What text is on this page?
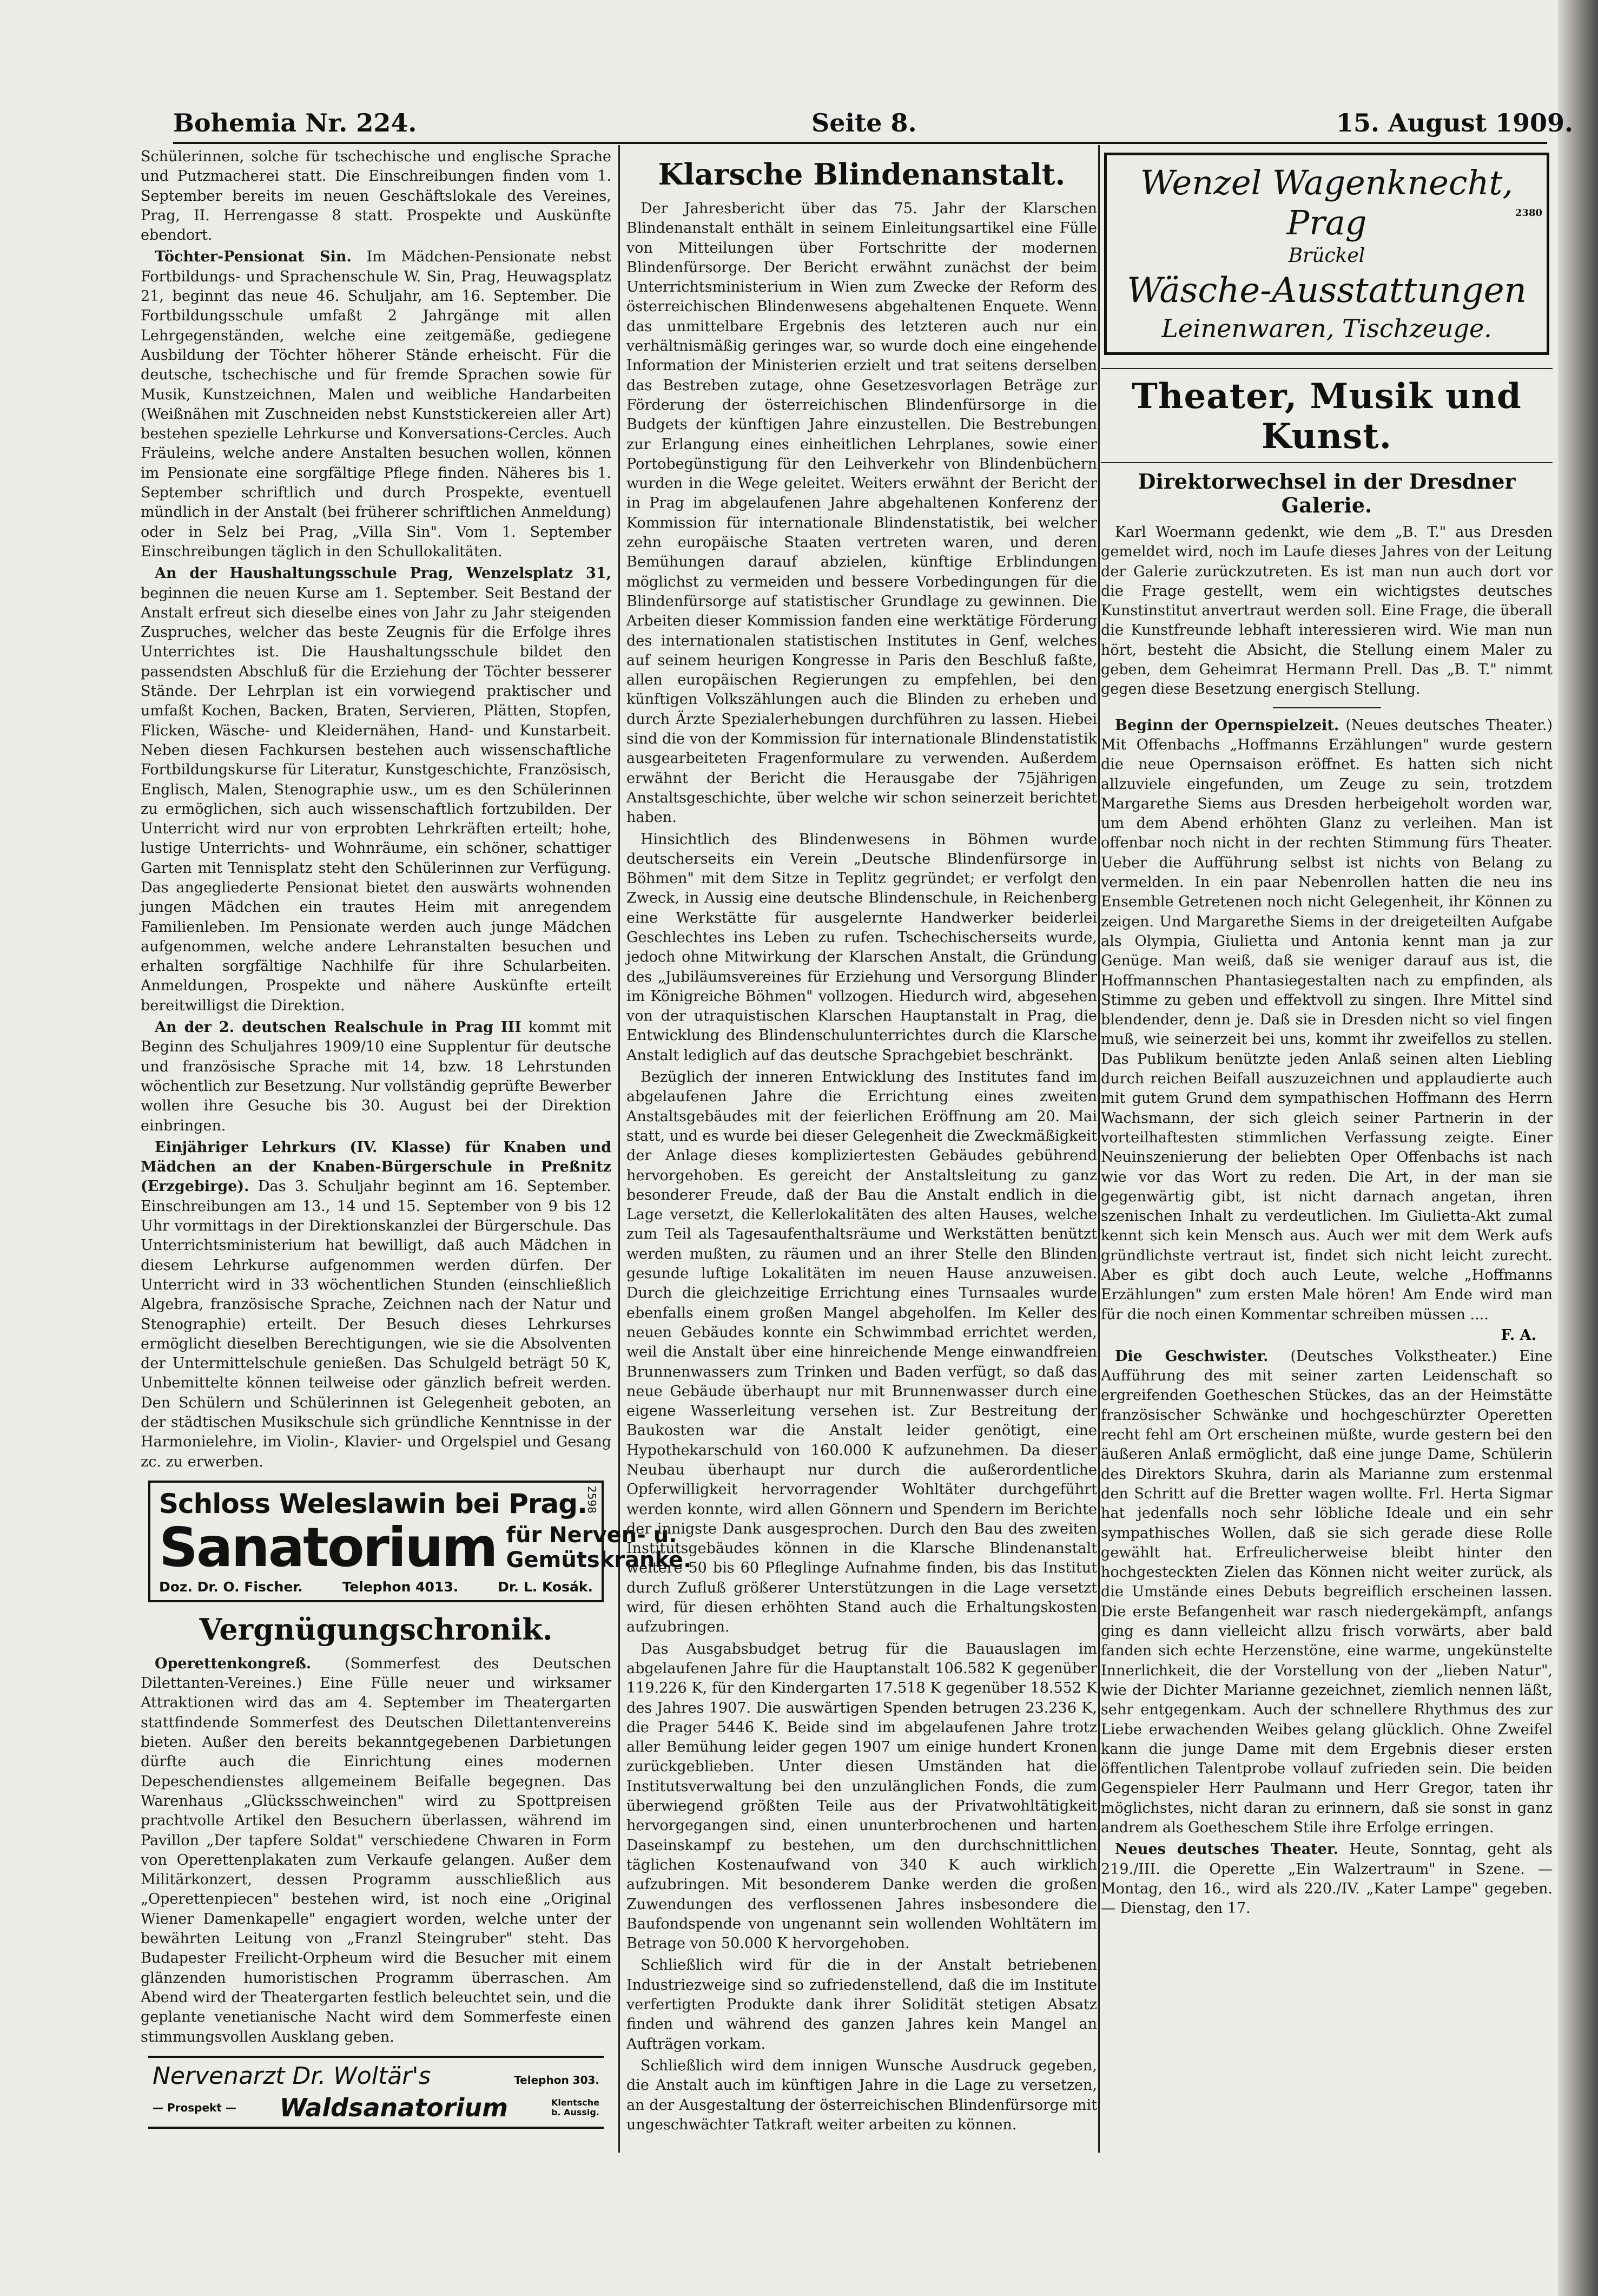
Bohemia Nr. 224.	Seite 8.	15. August 1909.

Schülerinnen, solche für tschechische und englische Sprache und Putzmacherei statt. Die Einschreibungen finden vom 1. September bereits im neuen Geschäftslokale des Vereines, Prag, II. Herrengasse 8 statt. Prospekte und Auskünfte ebendort.

Töchter-Pensionat Sin. Im Mädchen-Pensionate nebst Fortbildungs- und Sprachenschule W. Sin, Prag, Heuwagsplatz 21, beginnt das neue 46. Schuljahr, am 16. September. Die Fortbildungsschule umfaßt 2 Jahrgänge mit allen Lehrgegenständen, welche eine zeitgemäße, gediegene Ausbildung der Töchter höherer Stände erheischt. Für die deutsche, tschechische und für fremde Sprachen sowie für Musik, Kunstzeichnen, Malen und weibliche Handarbeiten (Weißnähen mit Zuschneiden nebst Kunststickereien aller Art) bestehen spezielle Lehrkurse und Konversations-Cercles. Auch Fräuleins, welche andere Anstalten besuchen wollen, können im Pensionate eine sorgfältige Pflege finden. Näheres bis 1. September schriftlich und durch Prospekte, eventuell mündlich in der Anstalt (bei früherer schriftlichen Anmeldung) oder in Selz bei Prag, „Villa Sin". Vom 1. September Einschreibungen täglich in den Schullokalitäten.

An der Haushaltungsschule Prag, Wenzelsplatz 31, beginnen die neuen Kurse am 1. September. Seit Bestand der Anstalt erfreut sich dieselbe eines von Jahr zu Jahr steigenden Zuspruches, welcher das beste Zeugnis für die Erfolge ihres Unterrichtes ist. Die Haushaltungsschule bildet den passendsten Abschluß für die Erziehung der Töchter besserer Stände. Der Lehrplan ist ein vorwiegend praktischer und umfaßt Kochen, Backen, Braten, Servieren, Plätten, Stopfen, Flicken, Wäsche- und Kleidernähen, Hand- und Kunstarbeit. Neben diesen Fachkursen bestehen auch wissenschaftliche Fortbildungskurse für Literatur, Kunstgeschichte, Französisch, Englisch, Malen, Stenographie usw., um es den Schülerinnen zu ermöglichen, sich auch wissenschaftlich fortzubilden. Der Unterricht wird nur von erprobten Lehrkräften erteilt; hohe, lustige Unterrichts- und Wohnräume, ein schöner, schattiger Garten mit Tennisplatz steht den Schülerinnen zur Verfügung. Das angegliederte Pensionat bietet den auswärts wohnenden jungen Mädchen ein trautes Heim mit anregendem Familienleben. Im Pensionate werden auch junge Mädchen aufgenommen, welche andere Lehranstalten besuchen und erhalten sorgfältige Nachhilfe für ihre Schularbeiten. Anmeldungen, Prospekte und nähere Auskünfte erteilt bereitwilligst die Direktion.

An der 2. deutschen Realschule in Prag III kommt mit Beginn des Schuljahres 1909/10 eine Supplentur für deutsche und französische Sprache mit 14, bzw. 18 Lehrstunden wöchentlich zur Besetzung. Nur vollständig geprüfte Bewerber wollen ihre Gesuche bis 30. August bei der Direktion einbringen.

Einjähriger Lehrkurs (IV. Klasse) für Knaben und Mädchen an der Knaben-Bürgerschule in Preßnitz (Erzgebirge). Das 3. Schuljahr beginnt am 16. September. Einschreibungen am 13., 14 und 15. September von 9 bis 12 Uhr vormittags in der Direktionskanzlei der Bürgerschule. Das Unterrichtsministerium hat bewilligt, daß auch Mädchen in diesem Lehrkurse aufgenommen werden dürfen. Der Unterricht wird in 33 wöchentlichen Stunden (einschließlich Algebra, französische Sprache, Zeichnen nach der Natur und Stenographie) erteilt. Der Besuch dieses Lehrkurses ermöglicht dieselben Berechtigungen, wie sie die Absolventen der Untermittelschule genießen. Das Schulgeld beträgt 50 K, Unbemittelte können teilweise oder gänzlich befreit werden. Den Schülern und Schülerinnen ist Gelegenheit geboten, an der städtischen Musikschule sich gründliche Kenntnisse in der Harmonielehre, im Violin-, Klavier- und Orgelspiel und Gesang zc. zu erwerben.

Schloss Weleslawin bei Prag.
Sanatorium für Nerven- u.
Gemütskranke.
Doz. Dr. O. Fischer.	Telephon 4013.	Dr. L. Kosák.
2598
Vergnügungschronik.

Operettenkongreß. (Sommerfest des Deutschen Dilettanten-Vereines.) Eine Fülle neuer und wirksamer Attraktionen wird das am 4. September im Theatergarten stattfindende Sommerfest des Deutschen Dilettantenvereins bieten. Außer den bereits bekanntgegebenen Darbietungen dürfte auch die Einrichtung eines modernen Depeschendienstes allgemeinem Beifalle begegnen. Das Warenhaus „Glücksschweinchen" wird zu Spottpreisen prachtvolle Artikel den Besuchern überlassen, während im Pavillon „Der tapfere Soldat" verschiedene Chwaren in Form von Operettenplakaten zum Verkaufe gelangen. Außer dem Militärkonzert, dessen Programm ausschließlich aus „Operettenpiecen" bestehen wird, ist noch eine „Original Wiener Damenkapelle" engagiert worden, welche unter der bewährten Leitung von „Franzl Steingruber" steht. Das Budapester Freilicht-Orpheum wird die Besucher mit einem glänzenden humoristischen Programm überraschen. Am Abend wird der Theatergarten festlich beleuchtet sein, und die geplante venetianische Nacht wird dem Sommerfeste einen stimmungsvollen Ausklang geben.

Nervenarzt Dr. Woltär's	Telephon 303.
— Prospekt — Waldsanatorium	Klentsche
b. Aussig.
Klarsche Blindenanstalt.

Der Jahresbericht über das 75. Jahr der Klarschen Blindenanstalt enthält in seinem Einleitungsartikel eine Fülle von Mitteilungen über Fortschritte der modernen Blindenfürsorge. Der Bericht erwähnt zunächst der beim Unterrichtsministerium in Wien zum Zwecke der Reform des österreichischen Blindenwesens abgehaltenen Enquete. Wenn das unmittelbare Ergebnis des letzteren auch nur ein verhältnismäßig geringes war, so wurde doch eine eingehende Information der Ministerien erzielt und trat seitens derselben das Bestreben zutage, ohne Gesetzesvorlagen Beträge zur Förderung der österreichischen Blindenfürsorge in die Budgets der künftigen Jahre einzustellen. Die Bestrebungen zur Erlangung eines einheitlichen Lehrplanes, sowie einer Portobegünstigung für den Leihverkehr von Blindenbüchern wurden in die Wege geleitet. Weiters erwähnt der Bericht der in Prag im abgelaufenen Jahre abgehaltenen Konferenz der Kommission für internationale Blindenstatistik, bei welcher zehn europäische Staaten vertreten waren, und deren Bemühungen darauf abzielen, künftige Erblindungen möglichst zu vermeiden und bessere Vorbedingungen für die Blindenfürsorge auf statistischer Grundlage zu gewinnen. Die Arbeiten dieser Kommission fanden eine werktätige Förderung des internationalen statistischen Institutes in Genf, welches auf seinem heurigen Kongresse in Paris den Beschluß faßte, allen europäischen Regierungen zu empfehlen, bei den künftigen Volkszählungen auch die Blinden zu erheben und durch Ärzte Spezialerhebungen durchführen zu lassen. Hiebei sind die von der Kommission für internationale Blindenstatistik ausgearbeiteten Fragenformulare zu verwenden. Außerdem erwähnt der Bericht die Herausgabe der 75jährigen Anstaltsgeschichte, über welche wir schon seinerzeit berichtet haben.

Hinsichtlich des Blindenwesens in Böhmen wurde deutscherseits ein Verein „Deutsche Blindenfürsorge in Böhmen" mit dem Sitze in Teplitz gegründet; er verfolgt den Zweck, in Aussig eine deutsche Blindenschule, in Reichenberg eine Werkstätte für ausgelernte Handwerker beiderlei Geschlechtes ins Leben zu rufen. Tschechischerseits wurde, jedoch ohne Mitwirkung der Klarschen Anstalt, die Gründung des „Jubiläumsvereines für Erziehung und Versorgung Blinder im Königreiche Böhmen" vollzogen. Hiedurch wird, abgesehen von der utraquistischen Klarschen Hauptanstalt in Prag, die Entwicklung des Blindenschulunterrichtes durch die Klarsche Anstalt lediglich auf das deutsche Sprachgebiet beschränkt.

Bezüglich der inneren Entwicklung des Institutes fand im abgelaufenen Jahre die Errichtung eines zweiten Anstaltsgebäudes mit der feierlichen Eröffnung am 20. Mai statt, und es wurde bei dieser Gelegenheit die Zweckmäßigkeit der Anlage dieses kompliziertesten Gebäudes gebührend hervorgehoben. Es gereicht der Anstaltsleitung zu ganz besonderer Freude, daß der Bau die Anstalt endlich in die Lage versetzt, die Kellerlokalitäten des alten Hauses, welche zum Teil als Tagesaufenthaltsräume und Werkstätten benützt werden mußten, zu räumen und an ihrer Stelle den Blinden gesunde luftige Lokalitäten im neuen Hause anzuweisen. Durch die gleichzeitige Errichtung eines Turnsaales wurde ebenfalls einem großen Mangel abgeholfen. Im Keller des neuen Gebäudes konnte ein Schwimmbad errichtet werden, weil die Anstalt über eine hinreichende Menge einwandfreien Brunnenwassers zum Trinken und Baden verfügt, so daß das neue Gebäude überhaupt nur mit Brunnenwasser durch eine eigene Wasserleitung versehen ist. Zur Bestreitung der Baukosten war die Anstalt leider genötigt, eine Hypothekarschuld von 160.000 K aufzunehmen. Da dieser Neubau überhaupt nur durch die außerordentliche Opferwilligkeit hervorragender Wohltäter durchgeführt werden konnte, wird allen Gönnern und Spendern im Berichte der innigste Dank ausgesprochen. Durch den Bau des zweiten Institutsgebäudes können in die Klarsche Blindenanstalt weitere 50 bis 60 Pfleglinge Aufnahme finden, bis das Institut durch Zufluß größerer Unterstützungen in die Lage versetzt wird, für diesen erhöhten Stand auch die Erhaltungskosten aufzubringen.

Das Ausgabsbudget betrug für die Bauauslagen im abgelaufenen Jahre für die Hauptanstalt 106.582 K gegenüber 119.226 K, für den Kindergarten 17.518 K gegenüber 18.552 K des Jahres 1907. Die auswärtigen Spenden betrugen 23.236 K, die Prager 5446 K. Beide sind im abgelaufenen Jahre trotz aller Bemühung leider gegen 1907 um einige hundert Kronen zurückgeblieben. Unter diesen Umständen hat die Institutsverwaltung bei den unzulänglichen Fonds, die zum überwiegend größten Teile aus der Privatwohltätigkeit hervorgegangen sind, einen ununterbrochenen und harten Daseinskampf zu bestehen, um den durchschnittlichen täglichen Kostenaufwand von 340 K auch wirklich aufzubringen. Mit besonderem Danke werden die großen Zuwendungen des verflossenen Jahres insbesondere die Baufondspende von ungenannt sein wollenden Wohltätern im Betrage von 50.000 K hervorgehoben.

Schließlich wird für die in der Anstalt betriebenen Industriezweige sind so zufriedenstellend, daß die im Institute verfertigten Produkte dank ihrer Solidität stetigen Absatz finden und während des ganzen Jahres kein Mangel an Aufträgen vorkam.

Schließlich wird dem innigen Wunsche Ausdruck gegeben, die Anstalt auch im künftigen Jahre in die Lage zu versetzen, an der Ausgestaltung der österreichischen Blindenfürsorge mit ungeschwächter Tatkraft weiter arbeiten zu können.

Wenzel Wagenknecht, Prag
Brückel
Wäsche-Ausstattungen
Leinenwaren, Tischzeuge.
2380
Theater, Musik und Kunst.
Direktorwechsel in der Dresdner Galerie.

Karl Woermann gedenkt, wie dem „B. T." aus Dresden gemeldet wird, noch im Laufe dieses Jahres von der Leitung der Galerie zurückzutreten. Es ist man nun auch dort vor die Frage gestellt, wem ein wichtigstes deutsches Kunstinstitut anvertraut werden soll. Eine Frage, die überall die Kunstfreunde lebhaft interessieren wird. Wie man nun hört, besteht die Absicht, die Stellung einem Maler zu geben, dem Geheimrat Hermann Prell. Das „B. T." nimmt gegen diese Besetzung energisch Stellung.

Beginn der Opernspielzeit. (Neues deutsches Theater.) Mit Offenbachs „Hoffmanns Erzählungen" wurde gestern die neue Opernsaison eröffnet. Es hatten sich nicht allzuviele eingefunden, um Zeuge zu sein, trotzdem Margarethe Siems aus Dresden herbeigeholt worden war, um dem Abend erhöhten Glanz zu verleihen. Man ist offenbar noch nicht in der rechten Stimmung fürs Theater. Ueber die Aufführung selbst ist nichts von Belang zu vermelden. In ein paar Nebenrollen hatten die neu ins Ensemble Getretenen noch nicht Gelegenheit, ihr Können zu zeigen. Und Margarethe Siems in der dreigeteilten Aufgabe als Olympia, Giulietta und Antonia kennt man ja zur Genüge. Man weiß, daß sie weniger darauf aus ist, die Hoffmannschen Phantasiegestalten nach zu empfinden, als Stimme zu geben und effektvoll zu singen. Ihre Mittel sind blendender, denn je. Daß sie in Dresden nicht so viel fingen muß, wie seinerzeit bei uns, kommt ihr zweifellos zu stellen. Das Publikum benützte jeden Anlaß seinen alten Liebling durch reichen Beifall auszuzeichnen und applaudierte auch mit gutem Grund dem sympathischen Hoffmann des Herrn Wachsmann, der sich gleich seiner Partnerin in der vorteilhaftesten stimmlichen Verfassung zeigte. Einer Neuinszenierung der beliebten Oper Offenbachs ist nach wie vor das Wort zu reden. Die Art, in der man sie gegenwärtig gibt, ist nicht darnach angetan, ihren szenischen Inhalt zu verdeutlichen. Im Giulietta-Akt zumal kennt sich kein Mensch aus. Auch wer mit dem Werk aufs gründlichste vertraut ist, findet sich nicht leicht zurecht. Aber es gibt doch auch Leute, welche „Hoffmanns Erzählungen" zum ersten Male hören! Am Ende wird man für die noch einen Kommentar schreiben müssen ....

F. A.

Die Geschwister. (Deutsches Volkstheater.) Eine Aufführung des mit seiner zarten Leidenschaft so ergreifenden Goetheschen Stückes, das an der Heimstätte französischer Schwänke und hochgeschürzter Operetten recht fehl am Ort erscheinen müßte, wurde gestern bei den äußeren Anlaß ermöglicht, daß eine junge Dame, Schülerin des Direktors Skuhra, darin als Marianne zum erstenmal den Schritt auf die Bretter wagen wollte. Frl. Herta Sigmar hat jedenfalls noch sehr löbliche Ideale und ein sehr sympathisches Wollen, daß sie sich gerade diese Rolle gewählt hat. Erfreulicherweise bleibt hinter den hochgesteckten Zielen das Können nicht weiter zurück, als die Umstände eines Debuts begreiflich erscheinen lassen. Die erste Befangenheit war rasch niedergekämpft, anfangs ging es dann vielleicht allzu frisch vorwärts, aber bald fanden sich echte Herzenstöne, eine warme, ungekünstelte Innerlichkeit, die der Vorstellung von der „lieben Natur", wie der Dichter Marianne gezeichnet, ziemlich nennen läßt, sehr entgegenkam. Auch der schnellere Rhythmus des zur Liebe erwachenden Weibes gelang glücklich. Ohne Zweifel kann die junge Dame mit dem Ergebnis dieser ersten öffentlichen Talentprobe vollauf zufrieden sein. Die beiden Gegenspieler Herr Paulmann und Herr Gregor, taten ihr möglichstes, nicht daran zu erinnern, daß sie sonst in ganz andrem als Goetheschem Stile ihre Erfolge erringen.

Neues deutsches Theater. Heute, Sonntag, geht als 219./III. die Operette „Ein Walzertraum" in Szene. — Montag, den 16., wird als 220./IV. „Kater Lampe" gegeben. — Dienstag, den 17.
